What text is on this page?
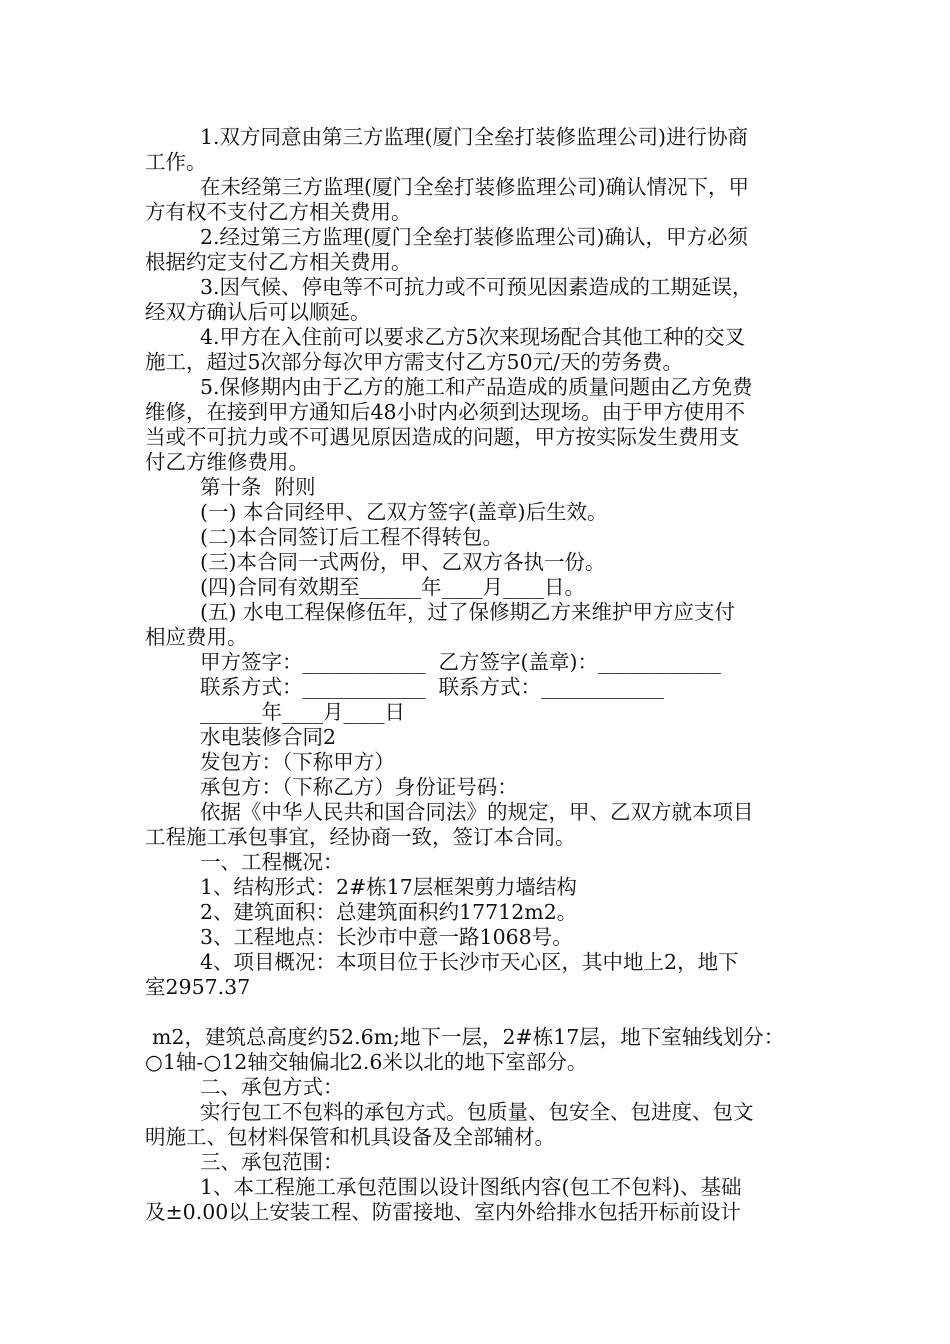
1.双方同意由第三方监理(厦门全垒打装修监理公司)进行协商
工作。
在未经第三方监理(厦门全垒打装修监理公司)确认情况下，甲
方有权不支付乙方相关费用。
2.经过第三方监理(厦门全垒打装修监理公司)确认，甲方必须
根据约定支付乙方相关费用。
3.因气候、停电等不可抗力或不可预见因素造成的工期延误，
经双方确认后可以顺延。
4.甲方在入住前可以要求乙方5次来现场配合其他工种的交叉
施工，超过5次部分每次甲方需支付乙方50元/天的劳务费。
5.保修期内由于乙方的施工和产品造成的质量问题由乙方免费
维修，在接到甲方通知后48小时内必须到达现场。由于甲方使用不
当或不可抗力或不可遇见原因造成的问题，甲方按实际发生费用支
付乙方维修费用。
第十条  附则
(一) 本合同经甲、乙双方签字(盖章)后生效。
(二)本合同签订后工程不得转包。
(三)本合同一式两份，甲、乙双方各执一份。
(四)合同有效期至______年____月____日。
(五) 水电工程保修伍年，过了保修期乙方来维护甲方应支付
相应费用。
甲方签字：____________  乙方签字(盖章)：____________
联系方式：____________  联系方式：____________
______年____月____日
水电装修合同2
发包方：（下称甲方）
承包方：（下称乙方）身份证号码：
依据《中华人民共和国合同法》的规定，甲、乙双方就本项目
工程施工承包事宜，经协商一致，签订本合同。
一、工程概况：
1、结构形式：2#栋17层框架剪力墙结构
2、建筑面积：总建筑面积约17712m2。
3、工程地点：长沙市中意一路1068号。
4、项目概况：本项目位于长沙市天心区，其中地上2，地下
室2957.37
m2，建筑总高度约52.6m;地下一层，2#栋17层，地下室轴线划分：
○1轴-○12轴交轴偏北2.6米以北的地下室部分。
二、承包方式：
实行包工不包料的承包方式。包质量、包安全、包进度、包文
明施工、包材料保管和机具设备及全部辅材。
三、承包范围：
1、本工程施工承包范围以设计图纸内容(包工不包料)、基础
及±0.00以上安装工程、防雷接地、室内外给排水包括开标前设计
